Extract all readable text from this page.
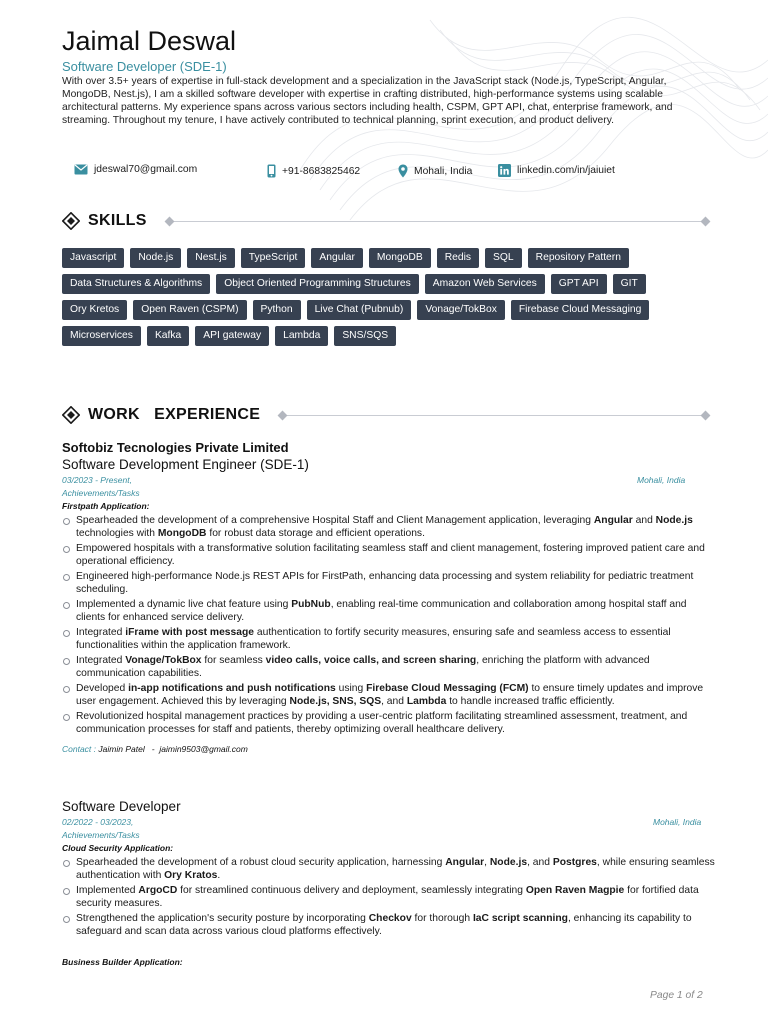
Jaimal Deswal
Software Developer (SDE-1)
With over 3.5+ years of expertise in full-stack development and a specialization in the JavaScript stack (Node.js, TypeScript, Angular, MongoDB, Nest.js), I am a skilled software developer with expertise in crafting distributed, high-performance systems using scalable architectural patterns. My experience spans across various sectors including health, CSPM, GPT API, chat, enterprise framework, and streaming. Throughout my tenure, I have actively contributed to technical planning, sprint execution, and product delivery.
jdeswal70@gmail.com	+91-8683825462	Mohali, India	linkedin.com/in/jaiuiet
SKILLS
Javascript	Node.js	Nest.js	TypeScript	Angular	MongoDB	Redis	SQL	Repository Pattern
Data Structures & Algorithms	Object Oriented Programming Structures	Amazon Web Services	GPT API	GIT
Ory Kretos	Open Raven (CSPM)	Python	Live Chat (Pubnub)	Vonage/TokBox	Firebase Cloud Messaging
Microservices	Kafka	API gateway	Lambda	SNS/SQS
WORK   EXPERIENCE
Softobiz Tecnologies Private Limited
Software Development Engineer (SDE-1)
03/2023 - Present,	Mohali, India
Achievements/Tasks
Firstpath Application:
Spearheaded the development of a comprehensive Hospital Staff and Client Management application, leveraging Angular and Node.js technologies with MongoDB for robust data storage and efficient operations.
Empowered hospitals with a transformative solution facilitating seamless staff and client management, fostering improved patient care and operational efficiency.
Engineered high-performance Node.js REST APIs for FirstPath, enhancing data processing and system reliability for pediatric treatment scheduling.
Implemented a dynamic live chat feature using PubNub, enabling real-time communication and collaboration among hospital staff and clients for enhanced service delivery.
Integrated iFrame with post message authentication to fortify security measures, ensuring safe and seamless access to essential functionalities within the application framework.
Integrated Vonage/TokBox for seamless video calls, voice calls, and screen sharing, enriching the platform with advanced communication capabilities.
Developed in-app notifications and push notifications using Firebase Cloud Messaging (FCM) to ensure timely updates and improve user engagement. Achieved this by leveraging Node.js, SNS, SQS, and Lambda to handle increased traffic efficiently.
Revolutionized hospital management practices by providing a user-centric platform facilitating streamlined assessment, treatment, and communication processes for staff and patients, thereby optimizing overall healthcare delivery.
Contact : Jaimin Patel   -  jaimin9503@gmail.com
Software Developer
02/2022 - 03/2023,	Mohali, India
Achievements/Tasks
Cloud Security Application:
Spearheaded the development of a robust cloud security application, harnessing Angular, Node.js, and Postgres, while ensuring seamless authentication with Ory Kratos.
Implemented ArgoCD for streamlined continuous delivery and deployment, seamlessly integrating Open Raven Magpie for fortified data security measures.
Strengthened the application's security posture by incorporating Checkov for thorough IaC script scanning, enhancing its capability to safeguard and scan data across various cloud platforms effectively.
Business Builder Application:
Page 1 of 2
